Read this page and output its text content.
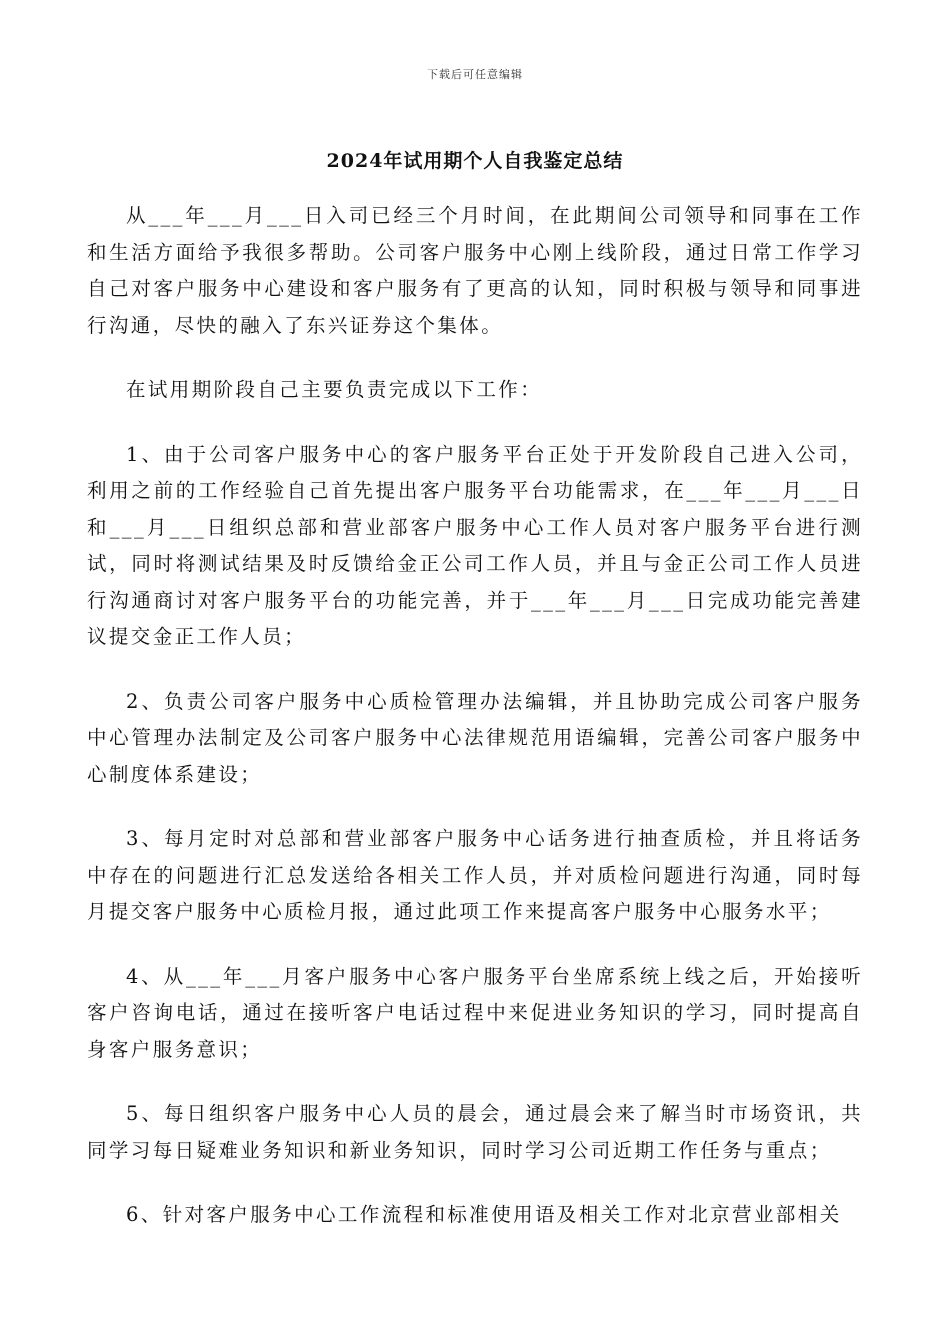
下载后可任意编辑
2024年试用期个人自我鉴定总结

从___年___月___日入司已经三个月时间，在此期间公司领导和同事在工作和生活方面给予我很多帮助。公司客户服务中心刚上线阶段，通过日常工作学习自己对客户服务中心建设和客户服务有了更高的认知，同时积极与领导和同事进行沟通，尽快的融入了东兴证券这个集体。

在试用期阶段自己主要负责完成以下工作：

1、由于公司客户服务中心的客户服务平台正处于开发阶段自己进入公司，利用之前的工作经验自己首先提出客户服务平台功能需求，在___年___月___日和___月___日组织总部和营业部客户服务中心工作人员对客户服务平台进行测试，同时将测试结果及时反馈给金正公司工作人员，并且与金正公司工作人员进行沟通商讨对客户服务平台的功能完善，并于___年___月___日完成功能完善建议提交金正工作人员；

2、负责公司客户服务中心质检管理办法编辑，并且协助完成公司客户服务中心管理办法制定及公司客户服务中心法律规范用语编辑，完善公司客户服务中心制度体系建设；

3、每月定时对总部和营业部客户服务中心话务进行抽查质检，并且将话务中存在的问题进行汇总发送给各相关工作人员，并对质检问题进行沟通，同时每月提交客户服务中心质检月报，通过此项工作来提高客户服务中心服务水平；

4、从___年___月客户服务中心客户服务平台坐席系统上线之后，开始接听客户咨询电话，通过在接听客户电话过程中来促进业务知识的学习，同时提高自身客户服务意识；

5、每日组织客户服务中心人员的晨会，通过晨会来了解当时市场资讯，共同学习每日疑难业务知识和新业务知识，同时学习公司近期工作任务与重点；

6、针对客户服务中心工作流程和标准使用语及相关工作对北京营业部相关
